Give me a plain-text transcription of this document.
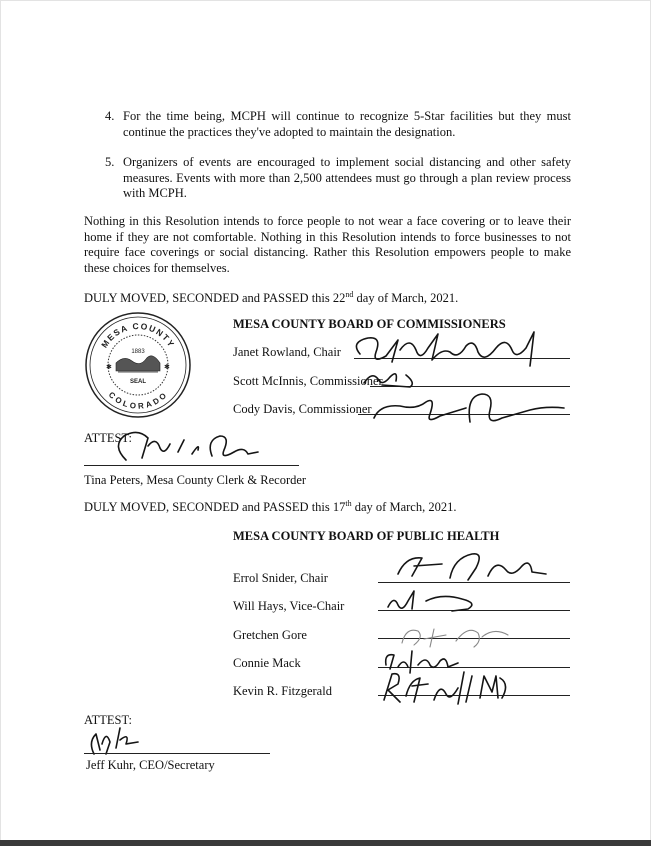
4. For the time being, MCPH will continue to recognize 5-Star facilities but they must continue the practices they've adopted to maintain the designation.
5. Organizers of events are encouraged to implement social distancing and other safety measures. Events with more than 2,500 attendees must go through a plan review process with MCPH.
Nothing in this Resolution intends to force people to not wear a face covering or to leave their home if they are not comfortable. Nothing in this Resolution intends to force businesses to not require face coverings or social distancing. Rather this Resolution empowers people to make these choices for themselves.
DULY MOVED, SECONDED and PASSED this 22nd day of March, 2021.
MESA COUNTY
COLORADO
1883
SEAL
✱	✱
MESA COUNTY BOARD OF COMMISSIONERS
Janet Rowland, Chair
Scott McInnis, Commissioner
Cody Davis, Commissioner
ATTEST:
Tina Peters, Mesa County Clerk & Recorder
DULY MOVED, SECONDED and PASSED this 17th day of March, 2021.
MESA COUNTY BOARD OF PUBLIC HEALTH
Errol Snider, Chair
Will Hays, Vice-Chair
Gretchen Gore
Connie Mack
Kevin R. Fitzgerald
ATTEST:
Jeff Kuhr, CEO/Secretary
